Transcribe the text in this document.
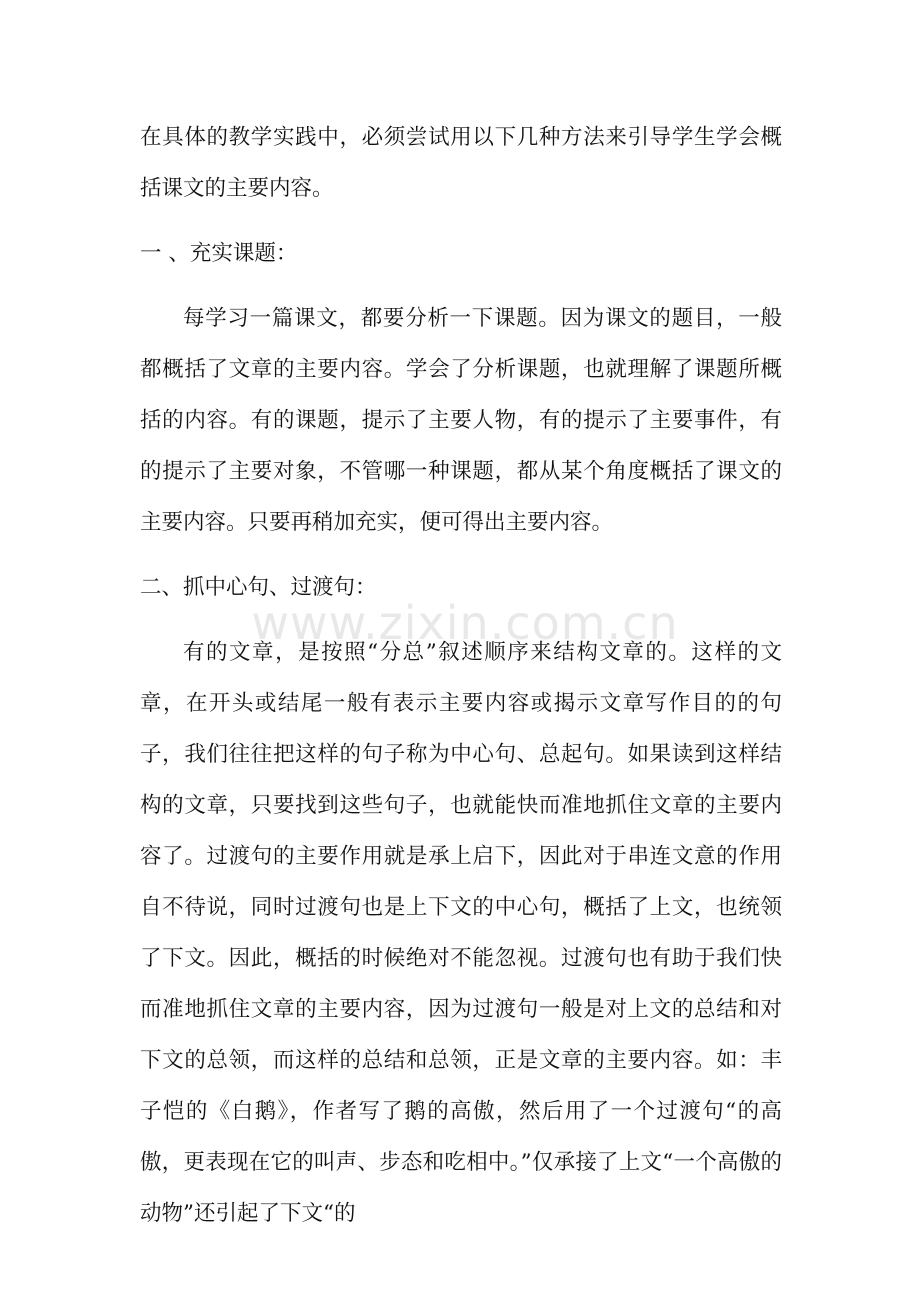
在具体的教学实践中，必须尝试用以下几种方法来引导学生学会概括课文的主要内容。

一 、充实课题：

每学习一篇课文，都要分析一下课题。因为课文的题目，一般都概括了文章的主要内容。学会了分析课题，也就理解了课题所概括的内容。有的课题，提示了主要人物，有的提示了主要事件，有的提示了主要对象，不管哪一种课题，都从某个角度概括了课文的主要内容。只要再稍加充实，便可得出主要内容。

二、抓中心句、过渡句：

有的文章，是按照“分总”叙述顺序来结构文章的。这样的文章，在开头或结尾一般有表示主要内容或揭示文章写作目的的句子，我们往往把这样的句子称为中心句、总起句。如果读到这样结构的文章，只要找到这些句子，也就能快而准地抓住文章的主要内容了。过渡句的主要作用就是承上启下，因此对于串连文意的作用自不待说，同时过渡句也是上下文的中心句，概括了上文，也统领了下文。因此，概括的时候绝对不能忽视。过渡句也有助于我们快而准地抓住文章的主要内容，因为过渡句一般是对上文的总结和对下文的总领，而这样的总结和总领，正是文章的主要内容。如：丰子恺的《白鹅》，作者写了鹅的高傲，然后用了一个过渡句“的高傲，更表现在它的叫声、步态和吃相中。”仅承接了上文“一个高傲的动物”还引起了下文“的

www.zixin.com.cn
